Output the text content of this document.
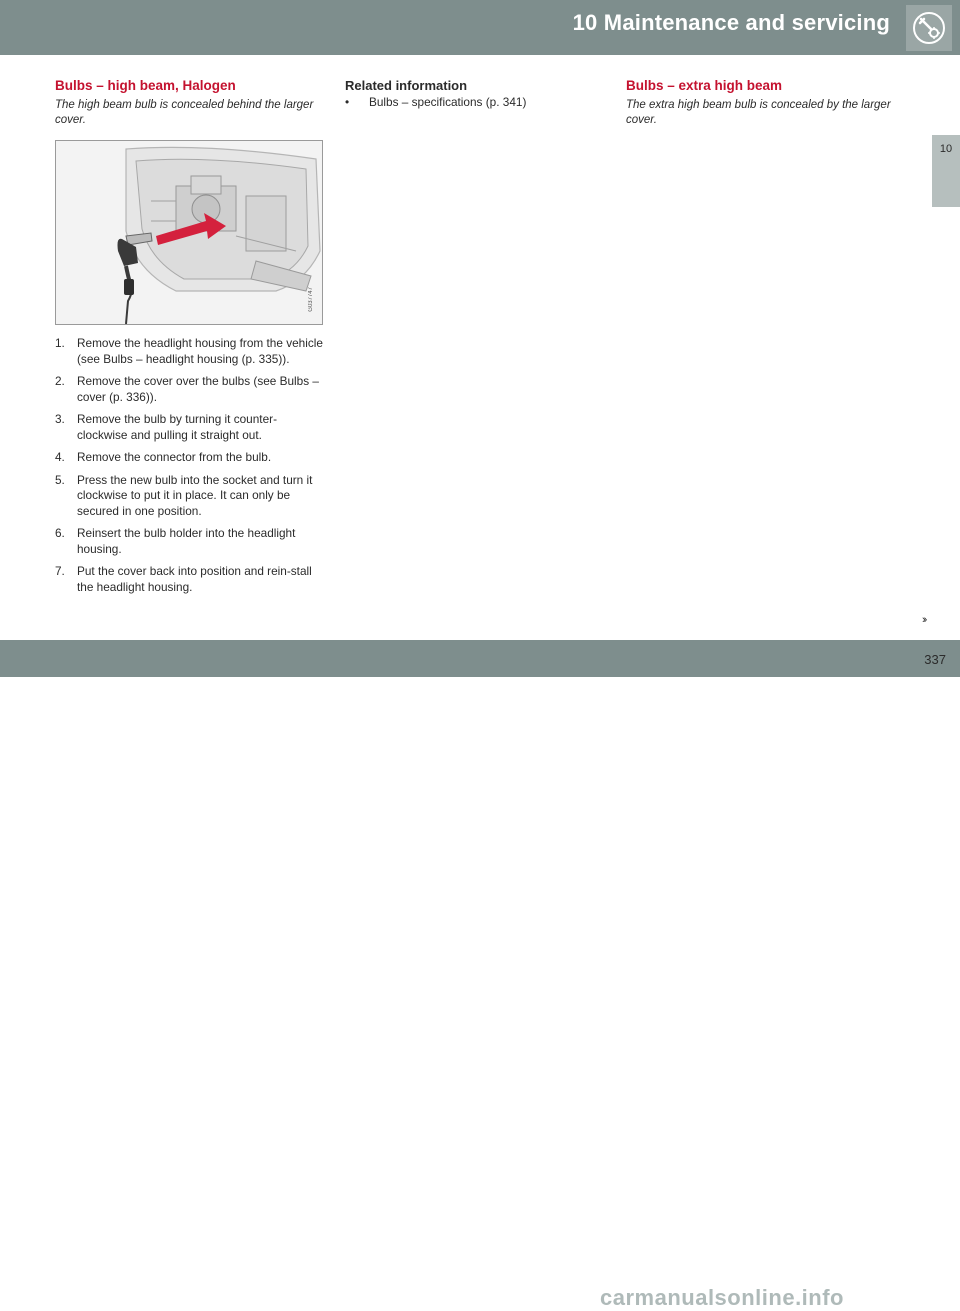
10 Maintenance and servicing
10
Bulbs – high beam, Halogen

The high beam bulb is concealed behind the larger cover.

G037747
1. Remove the headlight housing from the vehicle (see Bulbs – headlight housing (p. 335)).
2. Remove the cover over the bulbs (see Bulbs – cover (p. 336)).
3. Remove the bulb by turning it counter-clockwise and pulling it straight out.
4. Remove the connector from the bulb.
5. Press the new bulb into the socket and turn it clockwise to put it in place. It can only be secured in one position.
6. Reinsert the bulb holder into the headlight housing.
7. Put the cover back into position and rein-stall the headlight housing.
Related information
• Bulbs – specifications (p. 341)
Bulbs – extra high beam

The extra high beam bulb is concealed by the larger cover.

››
carmanualsonline.info
337
